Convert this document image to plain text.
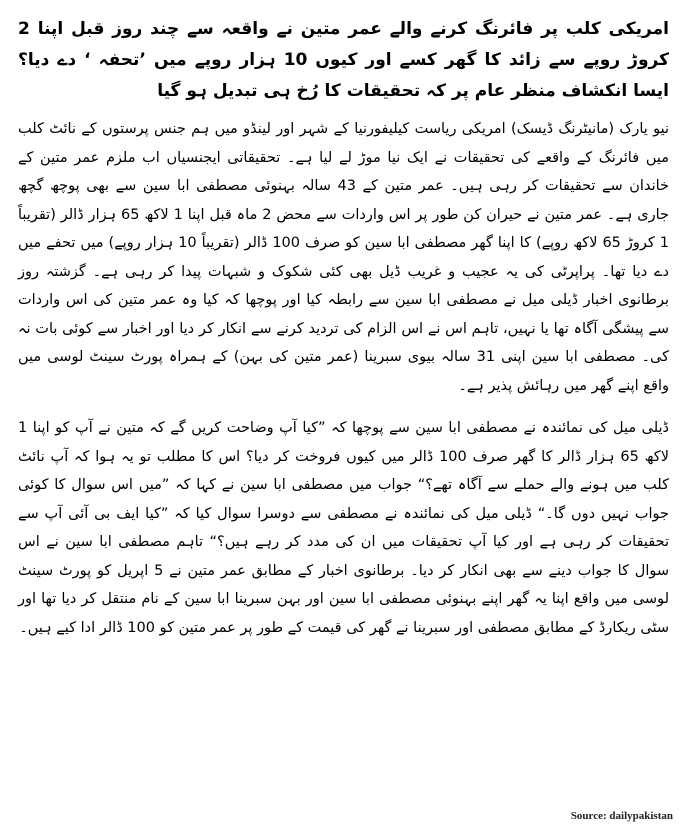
امریکی کلب پر فائرنگ کرنے والے عمر متین نے واقعہ سے چند روز قبل اپنا 2 کروڑ روپے سے زائد کا گھر کسے اور کیوں 10 ہزار روپے میں ’تحفہ ‘ دے دیا؟ ایسا انکشاف منظر عام پر کہ تحقیقات کا رُخ ہی تبدیل ہو گیا

نیو یارک (مانیٹرنگ ڈیسک) امریکی ریاست کیلیفورنیا کے شہر اور لینڈو میں ہم جنس پرستوں کے نائٹ کلب میں فائرنگ کے واقعے کی تحقیقات نے ایک نیا موڑ لے لیا ہے۔ تحقیقاتی ایجنسیاں اب ملزم عمر متین کے خاندان سے تحقیقات کر رہی ہیں۔ عمر متین کے 43 سالہ بہنوئی مصطفی ابا سین سے بھی پوچھ گچھ جاری ہے۔ عمر متین نے حیران کن طور پر اس واردات سے محض 2 ماہ قبل اپنا 1 لاکھ 65 ہزار ڈالر (تقریباً 1 کروڑ 65 لاکھ روپے) کا اپنا گھر مصطفی ابا سین کو صرف 100 ڈالر (تقریباً 10 ہزار روپے) میں تحفے میں دے دیا تھا۔ پراپرٹی کی یہ عجیب و غریب ڈیل بھی کئی شکوک و شبہات پیدا کر رہی ہے۔ گزشتہ روز برطانوی اخبار ڈیلی میل نے مصطفی ابا سین سے رابطہ کیا اور پوچھا کہ کیا وہ عمر متین کی اس واردات سے پیشگی آگاہ تھا یا نہیں، تاہم اس نے اس الزام کی تردید کرنے سے انکار کر دیا اور اخبار سے کوئی بات نہ کی۔ مصطفی ابا سین اپنی 31 سالہ بیوی سبرینا (عمر متین کی بہن) کے ہمراہ پورٹ سینٹ لوسی میں واقع اپنے گھر میں رہائش پذیر ہے۔

ڈیلی میل کی نمائندہ نے مصطفی ابا سین سے پوچھا کہ ”کیا آپ وضاحت کریں گے کہ متین نے آپ کو اپنا 1 لاکھ 65 ہزار ڈالر کا گھر صرف 100 ڈالر میں کیوں فروخت کر دیا؟ اس کا مطلب تو یہ ہوا کہ آپ نائٹ کلب میں ہونے والے حملے سے آگاہ تھے؟“ جواب میں مصطفی ابا سین نے کہا کہ ”میں اس سوال کا کوئی جواب نہیں دوں گا۔“ ڈیلی میل کی نمائندہ نے مصطفی سے دوسرا سوال کیا کہ ”کیا ایف بی آئی آپ سے تحقیقات کر رہی ہے اور کیا آپ تحقیقات میں ان کی مدد کر رہے ہیں؟“ تاہم مصطفی ابا سین نے اس سوال کا جواب دینے سے بھی انکار کر دیا۔ برطانوی اخبار کے مطابق عمر متین نے 5 اپریل کو پورٹ سینٹ لوسی میں واقع اپنا یہ گھر اپنے بہنوئی مصطفی ابا سین اور بہن سبرینا ابا سین کے نام منتقل کر دیا تھا اور سٹی ریکارڈ کے مطابق مصطفی اور سبرینا نے گھر کی قیمت کے طور پر عمر متین کو 100 ڈالر ادا کیے ہیں۔

Source: dailypakistan
